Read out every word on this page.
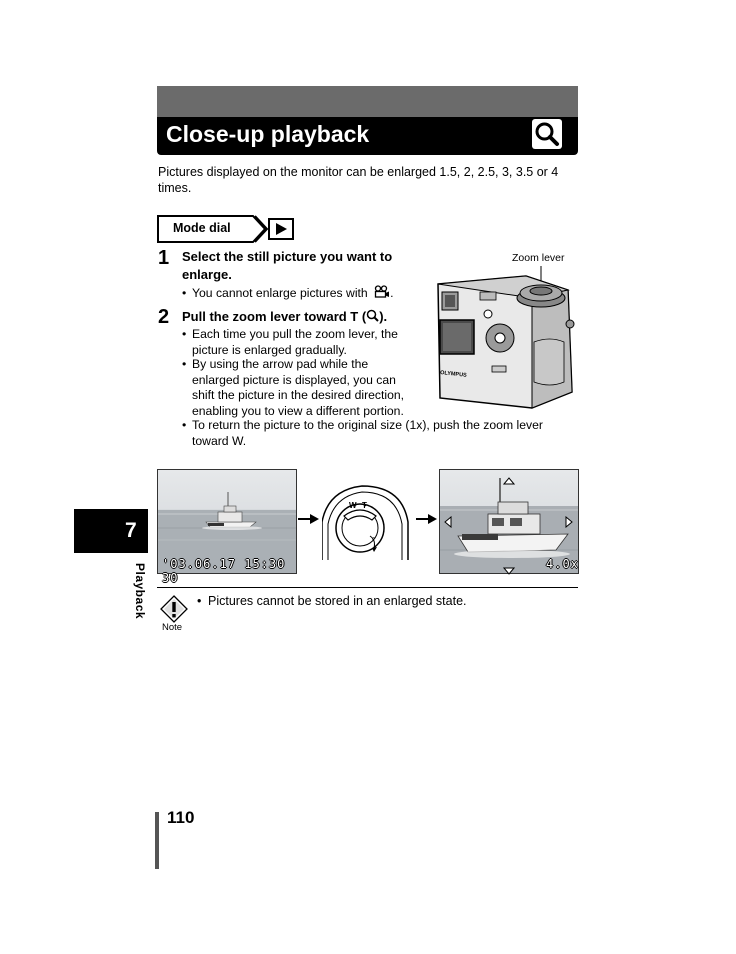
Close-up playback
Pictures displayed on the monitor can be enlarged 1.5, 2, 2.5, 3, 3.5 or 4 times.
Mode dial
1 Select the still picture you want to
enlarge.
• You cannot enlarge pictures with .
2 Pull the zoom lever toward T ( ).
• Each time you pull the zoom lever, the
picture is enlarged gradually.
• By using the arrow pad while the
enlarged picture is displayed, you can
shift the picture in the desired direction,
enabling you to view a different portion.
• To return the picture to the original size (1x), push the zoom lever
toward W.
Zoom lever
OLYMPUS
'03.06.17 15:30 30
⌕
W T
4.0x
Note
• Pictures cannot be stored in an enlarged state.
7
Playback
110
